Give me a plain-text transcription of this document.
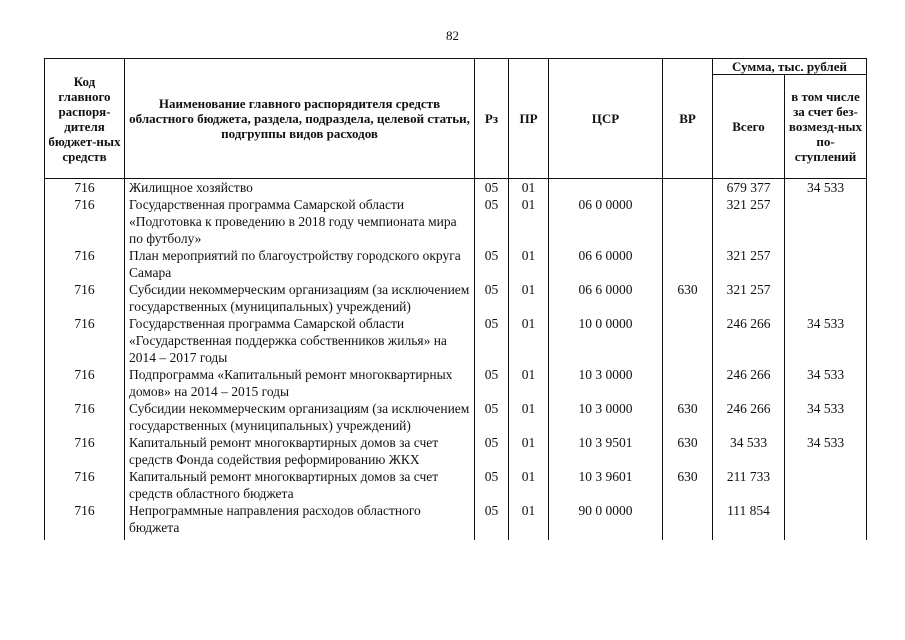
82
Код главного распоря-дителя бюджет-ных средств	Наименование главного распорядителя средств областного бюджета, раздела, подраздела, целевой статьи, подгруппы видов расходов	Рз	ПР	ЦСР	ВР	Сумма, тыс. рублей	
						Всего	в том числе за счет без-возмезд-ных по-ступлений
716	Жилищное хозяйство	05	01			679 377	34 533
716	Государственная программа Самарской области «Подготовка к проведению в 2018 году чемпионата мира по футболу»	05	01	06 0 0000		321 257	
716	План мероприятий по благоустройству городского округа Самара	05	01	06 6 0000		321 257	
716	Субсидии некоммерческим организациям (за исключением государственных (муниципальных) учреждений)	05	01	06 6 0000	630	321 257	
716	Государственная программа Самарской области «Государственная поддержка собственников жилья» на 2014 – 2017 годы	05	01	10 0 0000		246 266	34 533
716	Подпрограмма «Капитальный ремонт многоквартирных домов» на 2014 – 2015 годы	05	01	10 3 0000		246 266	34 533
716	Субсидии некоммерческим организациям (за исключением государственных (муниципальных) учреждений)	05	01	10 3 0000	630	246 266	34 533
716	Капитальный ремонт многоквартирных домов за счет средств Фонда содействия реформированию ЖКХ	05	01	10 3 9501	630	34 533	34 533
716	Капитальный ремонт многоквартирных домов за счет средств областного бюджета	05	01	10 3 9601	630	211 733	
716	Непрограммные направления расходов областного бюджета	05	01	90 0 0000		111 854	
